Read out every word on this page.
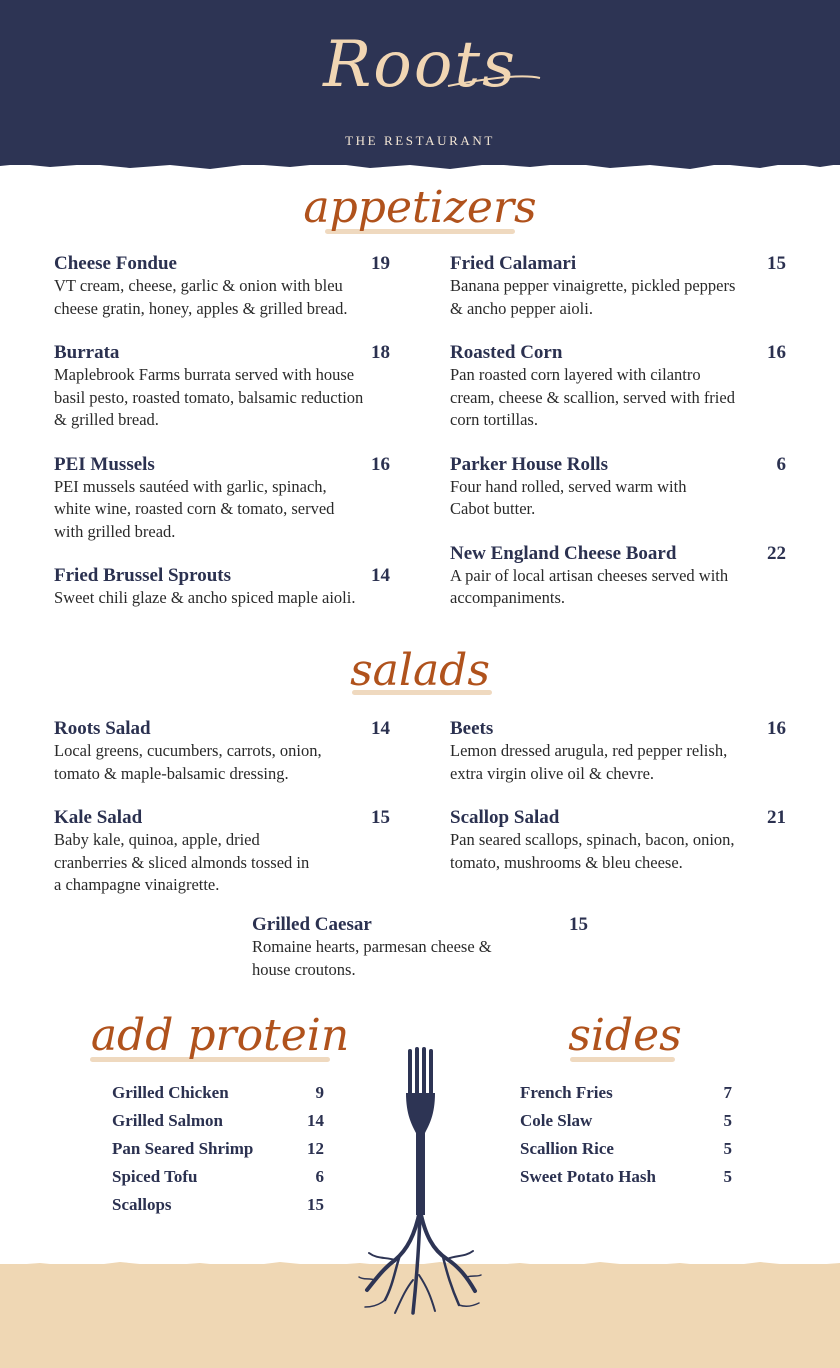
Roots
THE RESTAURANT
appetizers
Cheese Fondue	19
VT cream, cheese, garlic & onion with bleu
cheese gratin, honey, apples & grilled bread.
Burrata	18
Maplebrook Farms burrata served with house
basil pesto, roasted tomato, balsamic reduction
& grilled bread.
PEI Mussels	16
PEI mussels sautéed with garlic, spinach,
white wine, roasted corn & tomato, served
with grilled bread.
Fried Brussel Sprouts	14
Sweet chili glaze & ancho spiced maple aioli.
Fried Calamari	15
Banana pepper vinaigrette, pickled peppers
& ancho pepper aioli.
Roasted Corn	16
Pan roasted corn layered with cilantro
cream, cheese & scallion, served with fried
corn tortillas.
Parker House Rolls	6
Four hand rolled, served warm with
Cabot butter.
New England Cheese Board	22
A pair of local artisan cheeses served with
accompaniments.
salads
Roots Salad	14
Local greens, cucumbers, carrots, onion,
tomato & maple-balsamic dressing.
Kale Salad	15
Baby kale, quinoa, apple, dried
cranberries & sliced almonds tossed in
a champagne vinaigrette.
Beets	16
Lemon dressed arugula, red pepper relish,
extra virgin olive oil & chevre.
Scallop Salad	21
Pan seared scallops, spinach, bacon, onion,
tomato, mushrooms & bleu cheese.
Grilled Caesar	15
Romaine hearts, parmesan cheese &
house croutons.
add protein	sides
Grilled Chicken	9
Grilled Salmon	14
Pan Seared Shrimp	12
Spiced Tofu	6
Scallops	15
French Fries	7
Cole Slaw	5
Scallion Rice	5
Sweet Potato Hash	5
